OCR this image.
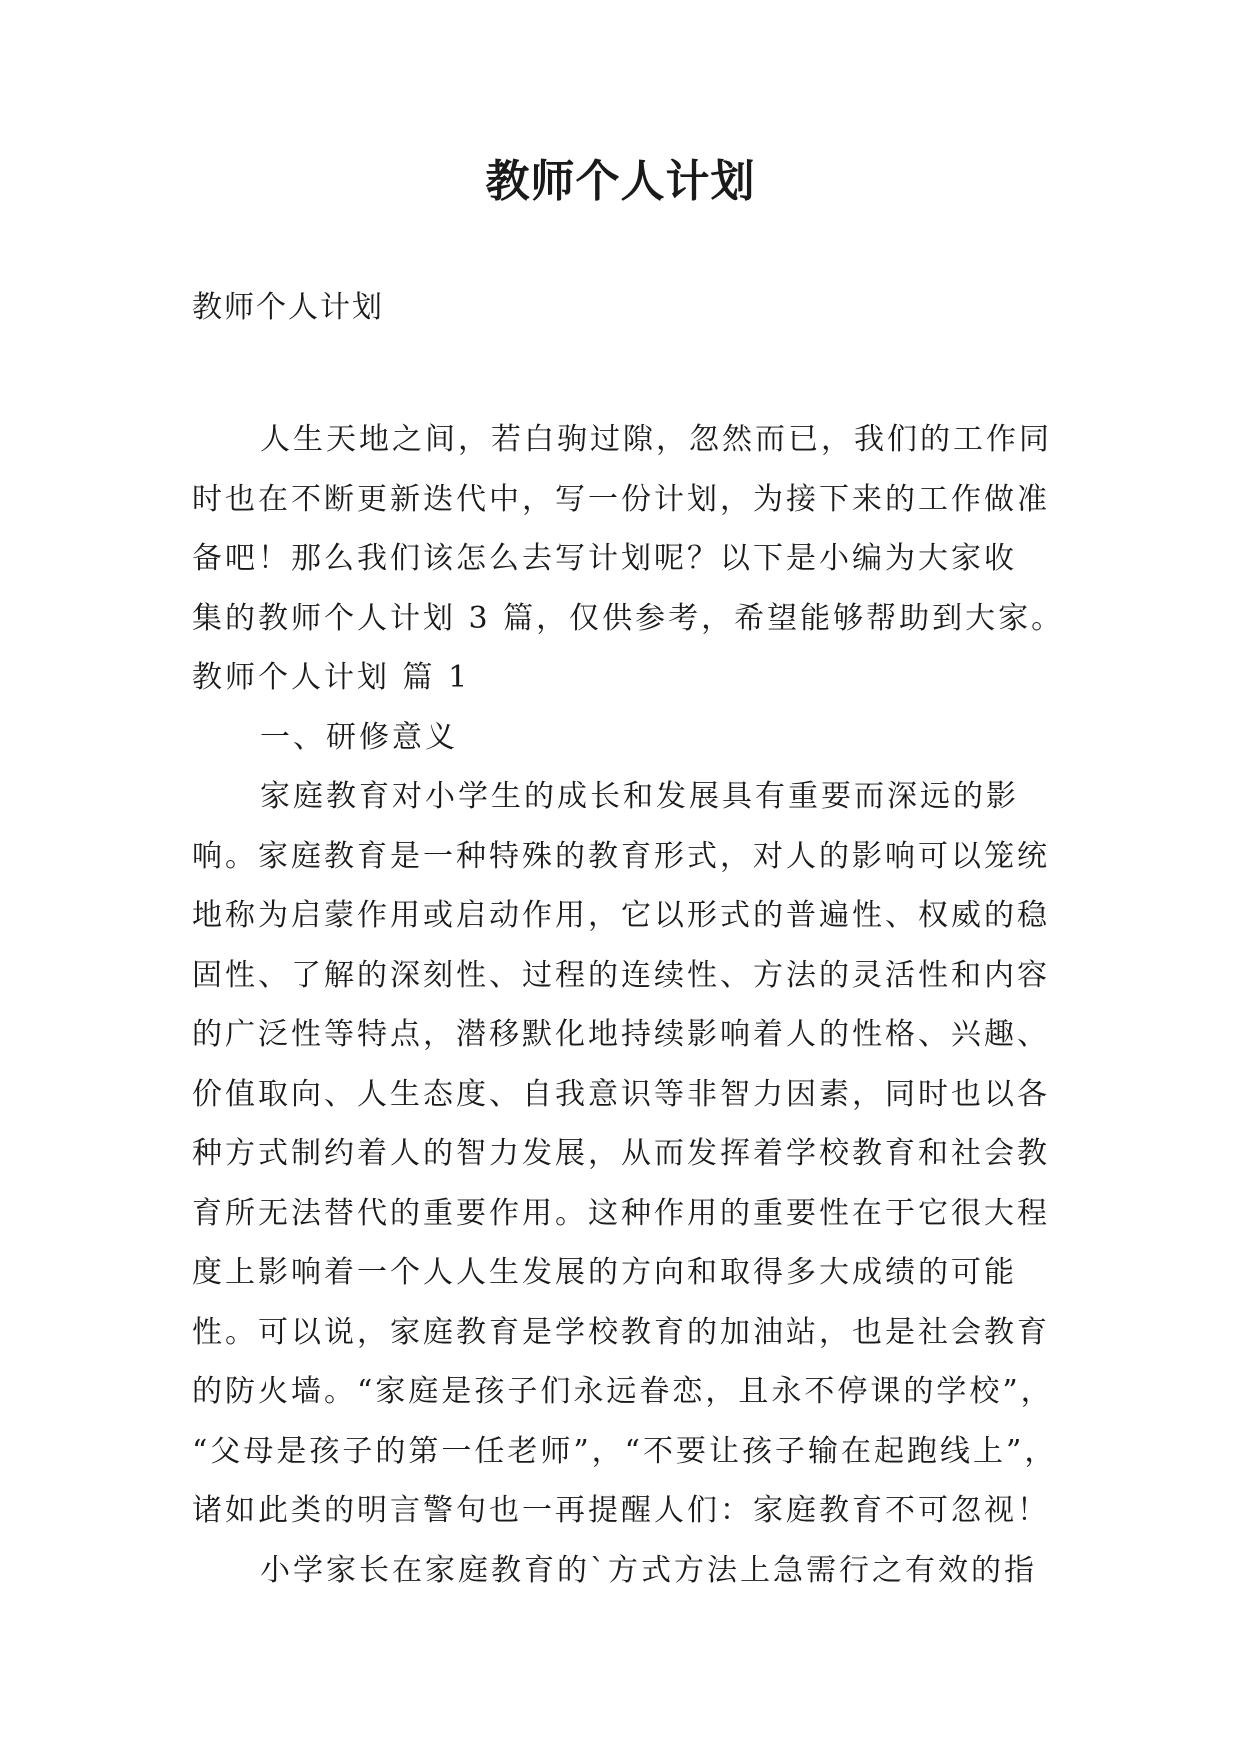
教师个人计划

教师个人计划

人生天地之间，若白驹过隙，忽然而已，我们的工作同
时也在不断更新迭代中，写一份计划，为接下来的工作做准
备吧！那么我们该怎么去写计划呢？以下是小编为大家收
集的教师个人计划 3 篇，仅供参考，希望能够帮助到大家。
教师个人计划 篇 1
一、研修意义
家庭教育对小学生的成长和发展具有重要而深远的影
响。家庭教育是一种特殊的教育形式，对人的影响可以笼统
地称为启蒙作用或启动作用，它以形式的普遍性、权威的稳
固性、了解的深刻性、过程的连续性、方法的灵活性和内容
的广泛性等特点，潜移默化地持续影响着人的性格、兴趣、
价值取向、人生态度、自我意识等非智力因素，同时也以各
种方式制约着人的智力发展，从而发挥着学校教育和社会教
育所无法替代的重要作用。这种作用的重要性在于它很大程
度上影响着一个人人生发展的方向和取得多大成绩的可能
性。可以说，家庭教育是学校教育的加油站，也是社会教育
的防火墙。“家庭是孩子们永远眷恋，且永不停课的学校”，
“父母是孩子的第一任老师”，“不要让孩子输在起跑线上”，
诸如此类的明言警句也一再提醒人们：家庭教育不可忽视！
小学家长在家庭教育的`方式方法上急需行之有效的指
